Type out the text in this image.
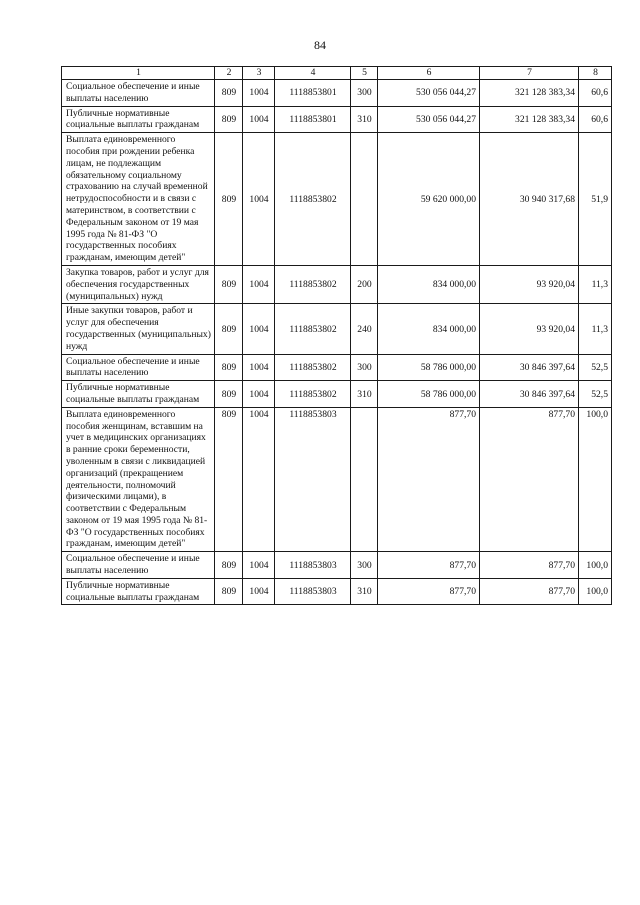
84
1	2	3	4	5	6	7	8
Социальное обеспечение и иные выплаты населению	809	1004	1118853801	300	530 056 044,27	321 128 383,34	60,6
Публичные нормативные социальные выплаты гражданам	809	1004	1118853801	310	530 056 044,27	321 128 383,34	60,6
Выплата единовременного пособия при рождении ребенка лицам, не подлежащим обязательному социальному страхованию на случай временной нетрудоспособности и в связи с материнством, в соответствии с Федеральным законом от 19 мая 1995 года № 81-ФЗ "О государственных пособиях гражданам, имеющим детей"	809	1004	1118853802		59 620 000,00	30 940 317,68	51,9
Закупка товаров, работ и услуг для обеспечения государственных (муниципальных) нужд	809	1004	1118853802	200	834 000,00	93 920,04	11,3
Иные закупки товаров, работ и услуг для обеспечения государственных (муниципальных) нужд	809	1004	1118853802	240	834 000,00	93 920,04	11,3
Социальное обеспечение и иные выплаты населению	809	1004	1118853802	300	58 786 000,00	30 846 397,64	52,5
Публичные нормативные социальные выплаты гражданам	809	1004	1118853802	310	58 786 000,00	30 846 397,64	52,5
Выплата единовременного пособия женщинам, вставшим на учет в медицинских организациях в ранние сроки беременности, уволенным в связи с ликвидацией организаций (прекращением деятельности, полномочий физическими лицами), в соответствии с Федеральным законом от 19 мая 1995 года № 81-ФЗ "О государственных пособиях гражданам, имеющим детей"	809	1004	1118853803		877,70	877,70	100,0
Социальное обеспечение и иные выплаты населению	809	1004	1118853803	300	877,70	877,70	100,0
Публичные нормативные социальные выплаты гражданам	809	1004	1118853803	310	877,70	877,70	100,0
